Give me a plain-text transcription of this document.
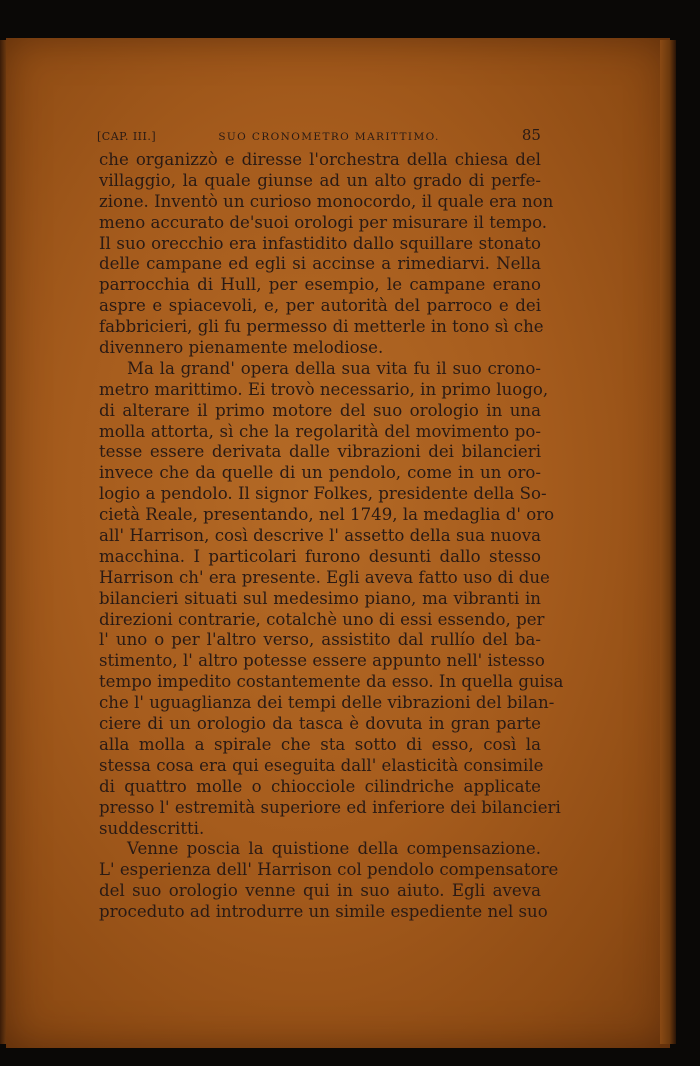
[CAP. III.]	SUO CRONOMETRO MARITTIMO.	85
che organizzò e diresse l'orchestra della chiesa del
villaggio, la quale giunse ad un alto grado di perfe-
zione. Inventò un curioso monocordo, il quale era non
meno accurato de'suoi orologi per misurare il tempo.
Il suo orecchio era infastidito dallo squillare stonato
delle campane ed egli si accinse a rimediarvi. Nella
parrocchia di Hull, per esempio, le campane erano
aspre e spiacevoli, e, per autorità del parroco e dei
fabbricieri, gli fu permesso di metterle in tono sì che
divennero pienamente melodiose.
Ma la grand' opera della sua vita fu il suo crono-
metro marittimo. Ei trovò necessario, in primo luogo,
di alterare il primo motore del suo orologio in una
molla attorta, sì che la regolarità del movimento po-
tesse essere derivata dalle vibrazioni dei bilancieri
invece che da quelle di un pendolo, come in un oro-
logio a pendolo. Il signor Folkes, presidente della So-
cietà Reale, presentando, nel 1749, la medaglia d' oro
all' Harrison, così descrive l' assetto della sua nuova
macchina. I particolari furono desunti dallo stesso
Harrison ch' era presente. Egli aveva fatto uso di due
bilancieri situati sul medesimo piano, ma vibranti in
direzioni contrarie, cotalchè uno di essi essendo, per
l' uno o per l'altro verso, assistito dal rullío del ba-
stimento, l' altro potesse essere appunto nell' istesso
tempo impedito costantemente da esso. In quella guisa
che l' uguaglianza dei tempi delle vibrazioni del bilan-
ciere di un orologio da tasca è dovuta in gran parte
alla molla a spirale che sta sotto di esso, così la
stessa cosa era qui eseguita dall' elasticità consimile
di quattro molle o chiocciole cilindriche applicate
presso l' estremità superiore ed inferiore dei bilancieri
suddescritti.
Venne poscia la quistione della compensazione.
L' esperienza dell' Harrison col pendolo compensatore
del suo orologio venne qui in suo aiuto. Egli aveva
proceduto ad introdurre un simile espediente nel suo
